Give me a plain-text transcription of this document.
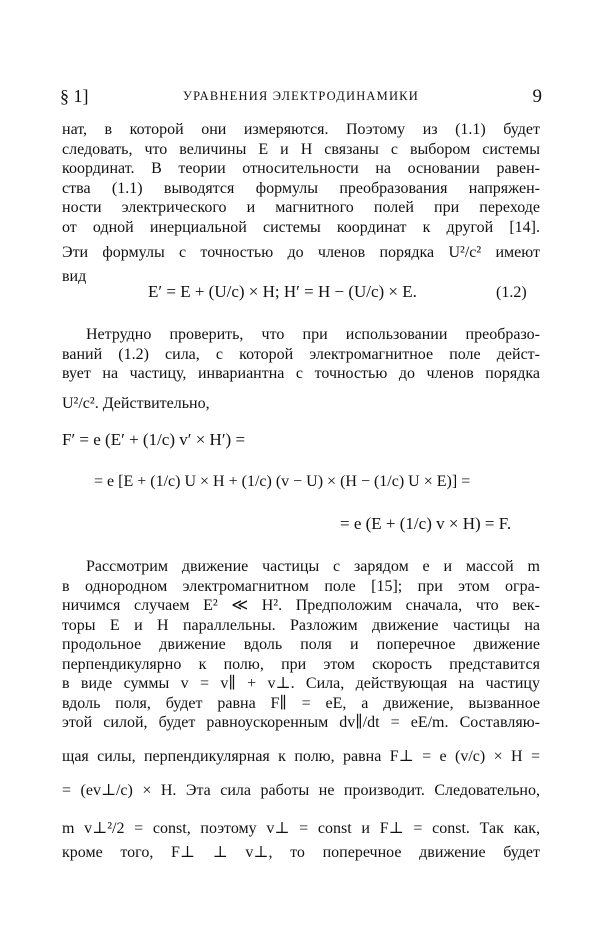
§ 1]	УРАВНЕНИЯ ЭЛЕКТРОДИНАМИКИ	9
нат, в которой они измеряются. Поэтому из (1.1) будет
следовать, что величины E и H связаны с выбором системы
координат. В теории относительности на основании равен-
ства (1.1) выводятся формулы преобразования напряжен-
ности электрического и магнитного полей при переходе
от одной инерциальной системы координат к другой [14].
Эти формулы с точностью до членов порядка U²/c² имеют
вид
E′ = E + (U/c) × H; H′ = H − (U/c) × E.	(1.2)
Нетрудно проверить, что при использовании преобразо-
ваний (1.2) сила, с которой электромагнитное поле дейст-
вует на частицу, инвариантна с точностью до членов порядка
U²/c². Действительно,
F′ = e (E′ + (1/c) v′ × H′) =
= e [E + (1/c) U × H + (1/c) (v − U) × (H − (1/c) U × E)] =
= e (E + (1/c) v × H) = F.
Рассмотрим движение частицы с зарядом e и массой m
в однородном электромагнитном поле [15]; при этом огра-
ничимся случаем E² ≪ H². Предположим сначала, что век-
торы E и H параллельны. Разложим движение частицы на
продольное движение вдоль поля и поперечное движение
перпендикулярно к полю, при этом скорость представится
в виде суммы v = v∥ + v⊥. Сила, действующая на частицу
вдоль поля, будет равна F∥ = eE, а движение, вызванное
этой силой, будет равноускоренным dv∥/dt = eE/m. Составляю-
щая силы, перпендикулярная к полю, равна F⊥ = e (v/c) × H =
= (ev⊥/c) × H. Эта сила работы не производит. Следовательно,
m v⊥²/2 = const, поэтому v⊥ = const и F⊥ = const. Так как,
кроме того, F⊥ ⊥ v⊥, то поперечное движение будет
